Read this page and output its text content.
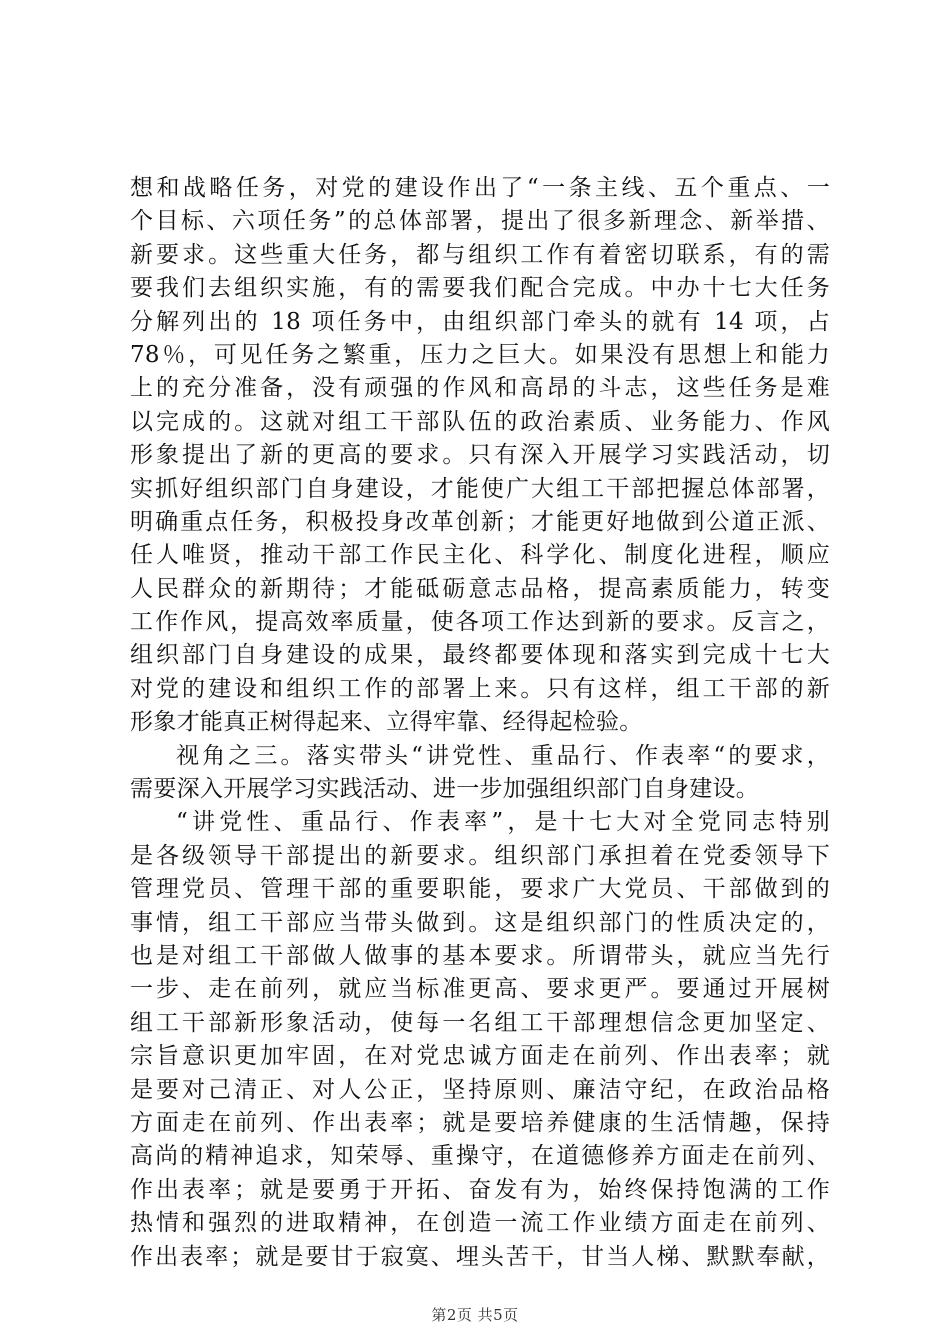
想和战略任务，对党的建设作出了“一条主线、五个重点、一
个目标、六项任务”的总体部署，提出了很多新理念、新举措、
新要求。这些重大任务，都与组织工作有着密切联系，有的需
要我们去组织实施，有的需要我们配合完成。中办十七大任务
分解列出的 18 项任务中，由组织部门牵头的就有 14 项，占
78％，可见任务之繁重，压力之巨大。如果没有思想上和能力
上的充分准备，没有顽强的作风和高昂的斗志，这些任务是难
以完成的。这就对组工干部队伍的政治素质、业务能力、作风
形象提出了新的更高的要求。只有深入开展学习实践活动，切
实抓好组织部门自身建设，才能使广大组工干部把握总体部署，
明确重点任务，积极投身改革创新；才能更好地做到公道正派、
任人唯贤，推动干部工作民主化、科学化、制度化进程，顺应
人民群众的新期待；才能砥砺意志品格，提高素质能力，转变
工作作风，提高效率质量，使各项工作达到新的要求。反言之，
组织部门自身建设的成果，最终都要体现和落实到完成十七大
对党的建设和组织工作的部署上来。只有这样，组工干部的新
形象才能真正树得起来、立得牢靠、经得起检验。
视角之三。落实带头“讲党性、重品行、作表率“的要求，
需要深入开展学习实践活动、进一步加强组织部门自身建设。
“讲党性、重品行、作表率”，是十七大对全党同志特别
是各级领导干部提出的新要求。组织部门承担着在党委领导下
管理党员、管理干部的重要职能，要求广大党员、干部做到的
事情，组工干部应当带头做到。这是组织部门的性质决定的，
也是对组工干部做人做事的基本要求。所谓带头，就应当先行
一步、走在前列，就应当标准更高、要求更严。要通过开展树
组工干部新形象活动，使每一名组工干部理想信念更加坚定、
宗旨意识更加牢固，在对党忠诚方面走在前列、作出表率；就
是要对己清正、对人公正，坚持原则、廉洁守纪，在政治品格
方面走在前列、作出表率；就是要培养健康的生活情趣，保持
高尚的精神追求，知荣辱、重操守，在道德修养方面走在前列、
作出表率；就是要勇于开拓、奋发有为，始终保持饱满的工作
热情和强烈的进取精神，在创造一流工作业绩方面走在前列、
作出表率；就是要甘于寂寞、埋头苦干，甘当人梯、默默奉献，
第2页 共5页
